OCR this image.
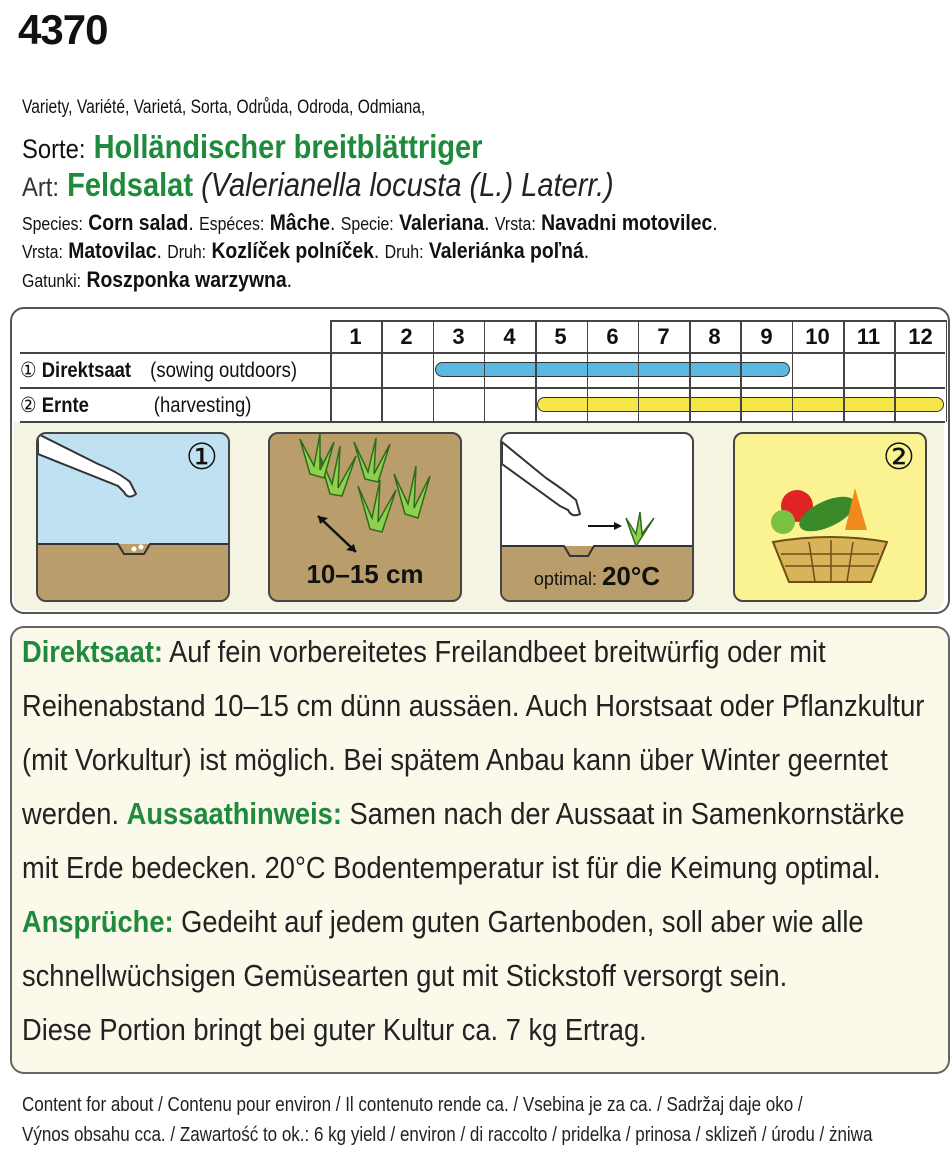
4370
Variety, Variété, Varietá, Sorta, Odrůda, Odroda, Odmiana,
Sorte: Holländischer breitblättriger
Art: Feldsalat (Valerianella locusta (L.) Laterr.)
Species: Corn salad. Espéces: Mâche. Specie: Valeriana. Vrsta: Navadni motovilec.
Vrsta: Matovilac. Druh: Kozlíček polníček. Druh: Valeriánka poľná.
Gatunki: Roszponka warzywna.
1	2	3	4	5	6	7	8	9	10	11	12
① Direktsaat (sowing outdoors)
② Ernte	(harvesting)
①
10–15 cm	optimal: 20°C
②
Direktsaat: Auf fein vorbereitetes Freilandbeet breitwürfig oder mit
Reihenabstand 10–15 cm dünn aussäen. Auch Horstsaat oder Pflanzkultur
(mit Vorkultur) ist möglich. Bei spätem Anbau kann über Winter geerntet
werden. Aussaathinweis: Samen nach der Aussaat in Samenkornstärke
mit Erde bedecken. 20°C Bodentemperatur ist für die Keimung optimal.
Ansprüche: Gedeiht auf jedem guten Gartenboden, soll aber wie alle
schnellwüchsigen Gemüsearten gut mit Stickstoff versorgt sein.
Diese Portion bringt bei guter Kultur ca. 7 kg Ertrag.
Content for about / Contenu pour environ / Il contenuto rende ca. / Vsebina je za ca. / Sadržaj daje oko /
Výnos obsahu cca. / Zawartość to ok.: 6 kg yield / environ / di raccolto / pridelka / prinosa / sklizeň / úrodu / żniwa
